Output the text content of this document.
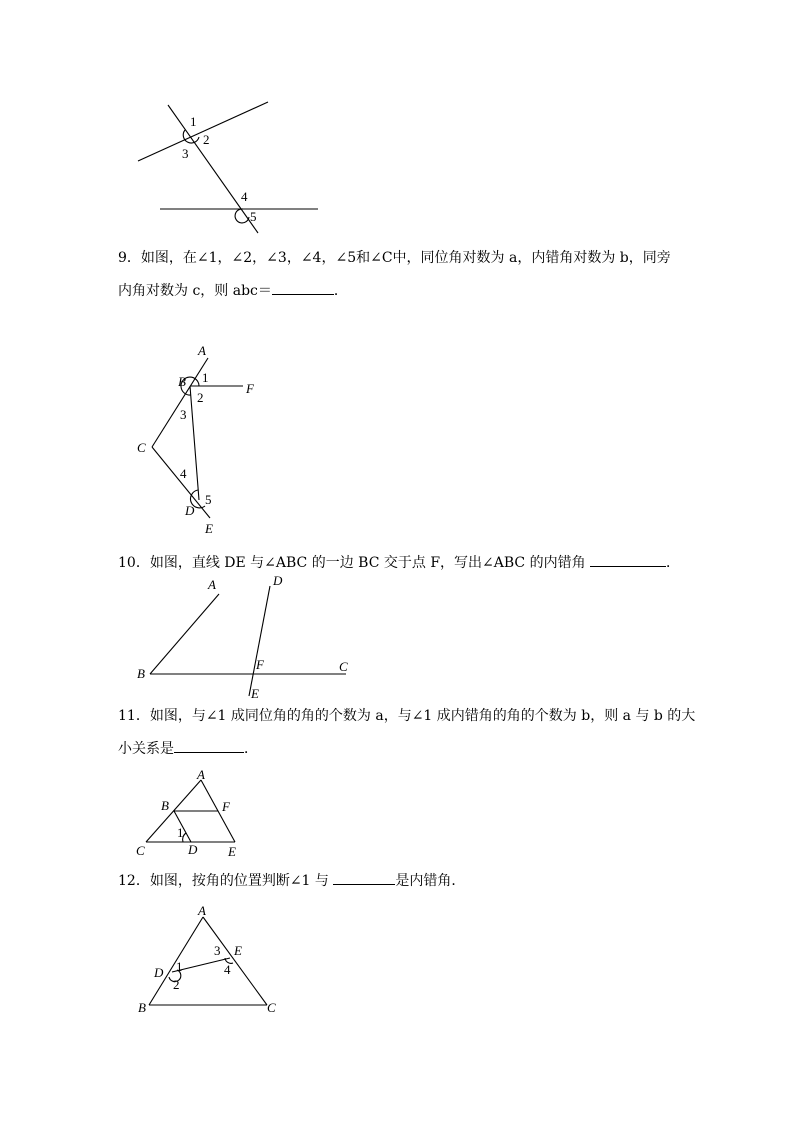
1
2
3
4
5
9．如图，在∠1，∠2，∠3，∠4，∠5和∠C中，同位角对数为 a，内错角对数为 b，同旁
内角对数为 c，则 abc＝	．
A
B	F
C
D
E
1
2
3
4
5
10．如图，直线 DE 与∠ABC 的一边 BC 交于点 F，写出∠ABC 的内错角	．
A	D
F	C
B
E
11．如图，与∠1 成同位角的角的个数为 a，与∠1 成内错角的角的个数为 b，则 a 与 b 的大
小关系是	．
A
B	F
1
C	D E
12．如图，按角的位置判断∠1 与	是内错角．
A
3 E
4
D 1
2
B	C
